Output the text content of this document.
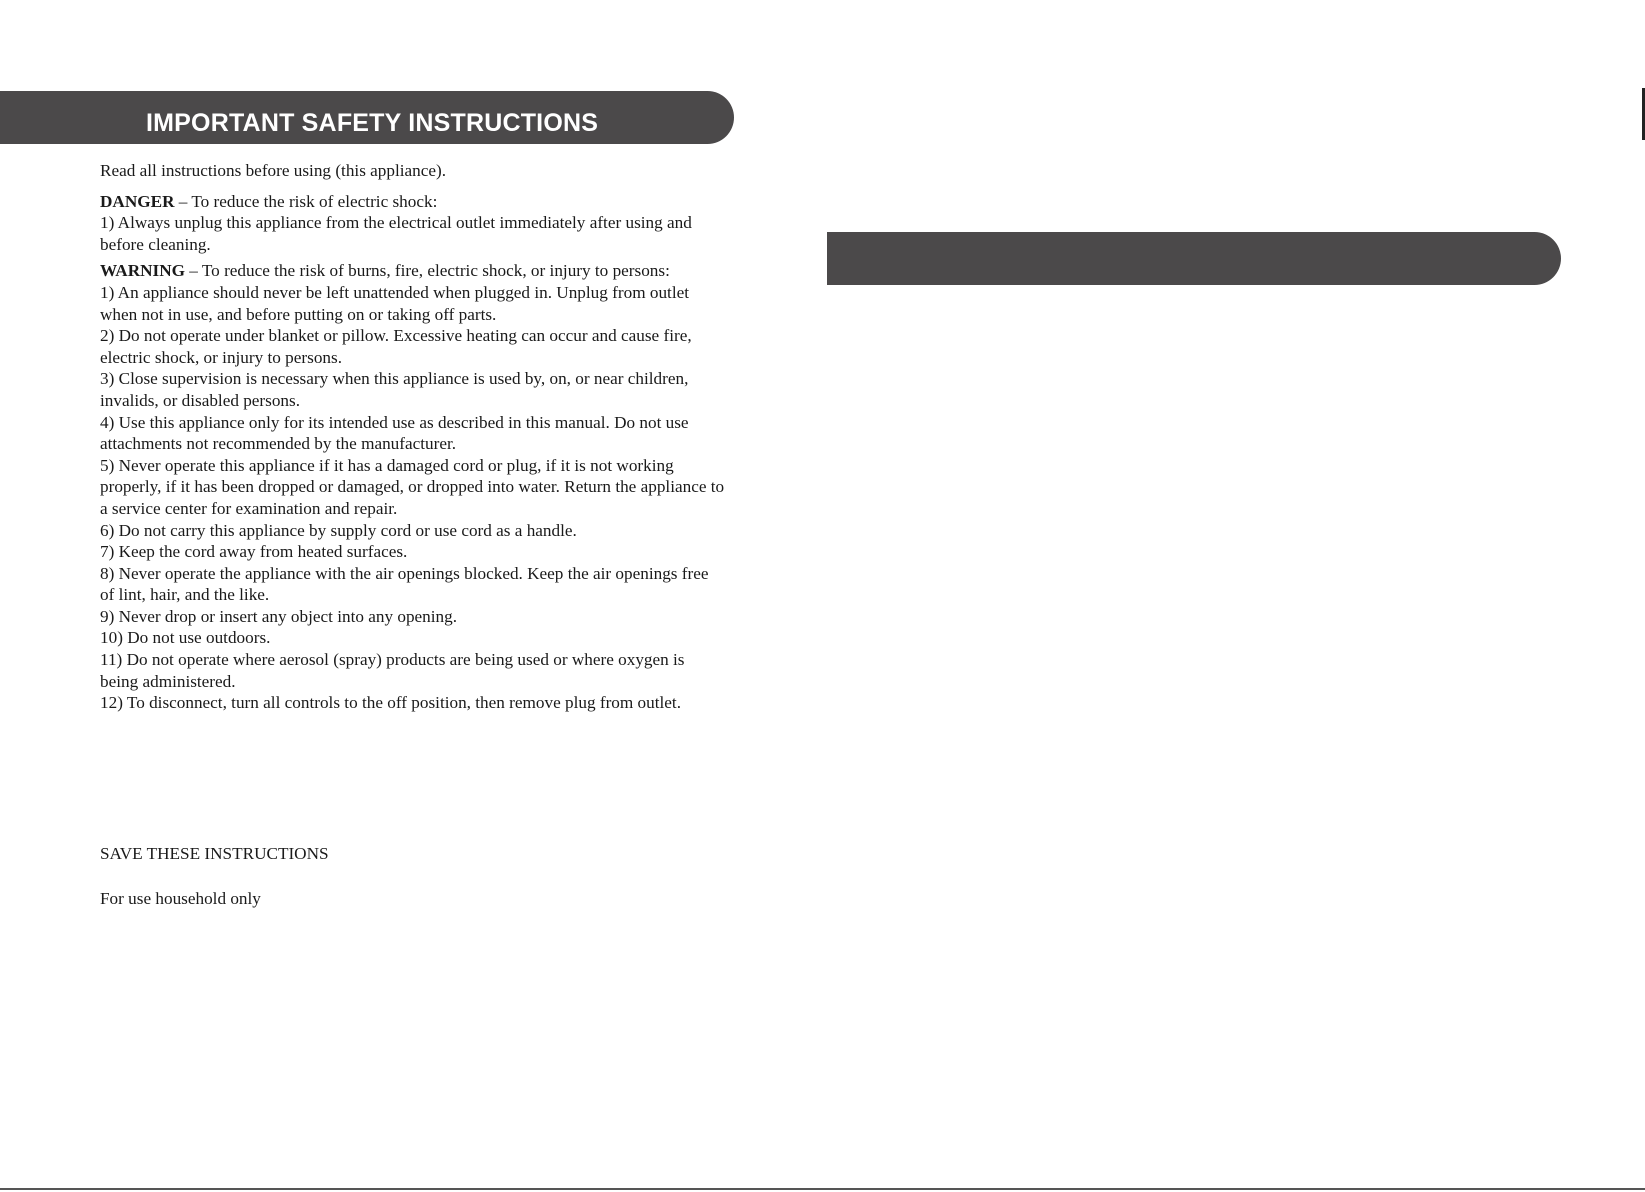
IMPORTANT SAFETY INSTRUCTIONS

Read all instructions before using (this appliance).

DANGER – To reduce the risk of electric shock:

1) Always unplug this appliance from the electrical outlet immediately after using and before cleaning.

WARNING – To reduce the risk of burns, fire, electric shock, or injury to persons:

1) An appliance should never be left unattended when plugged in. Unplug from outlet when not in use, and before putting on or taking off parts.

2) Do not operate under blanket or pillow. Excessive heating can occur and cause fire, electric shock, or injury to persons.

3) Close supervision is necessary when this appliance is used by, on, or near children, invalids, or disabled persons.

4) Use this appliance only for its intended use as described in this manual. Do not use attachments not recommended by the manufacturer.

5) Never operate this appliance if it has a damaged cord or plug, if it is not working properly, if it has been dropped or damaged, or dropped into water. Return the appliance to a service center for examination and repair.

6) Do not carry this appliance by supply cord or use cord as a handle.

7) Keep the cord away from heated surfaces.

8) Never operate the appliance with the air openings blocked. Keep the air openings free of lint, hair, and the like.

9) Never drop or insert any object into any opening.

10) Do not use outdoors.

11) Do not operate where aerosol (spray) products are being used or where oxygen is being administered.

12) To disconnect, turn all controls to the off position, then remove plug from outlet.

SAVE THESE INSTRUCTIONS
For use household only
